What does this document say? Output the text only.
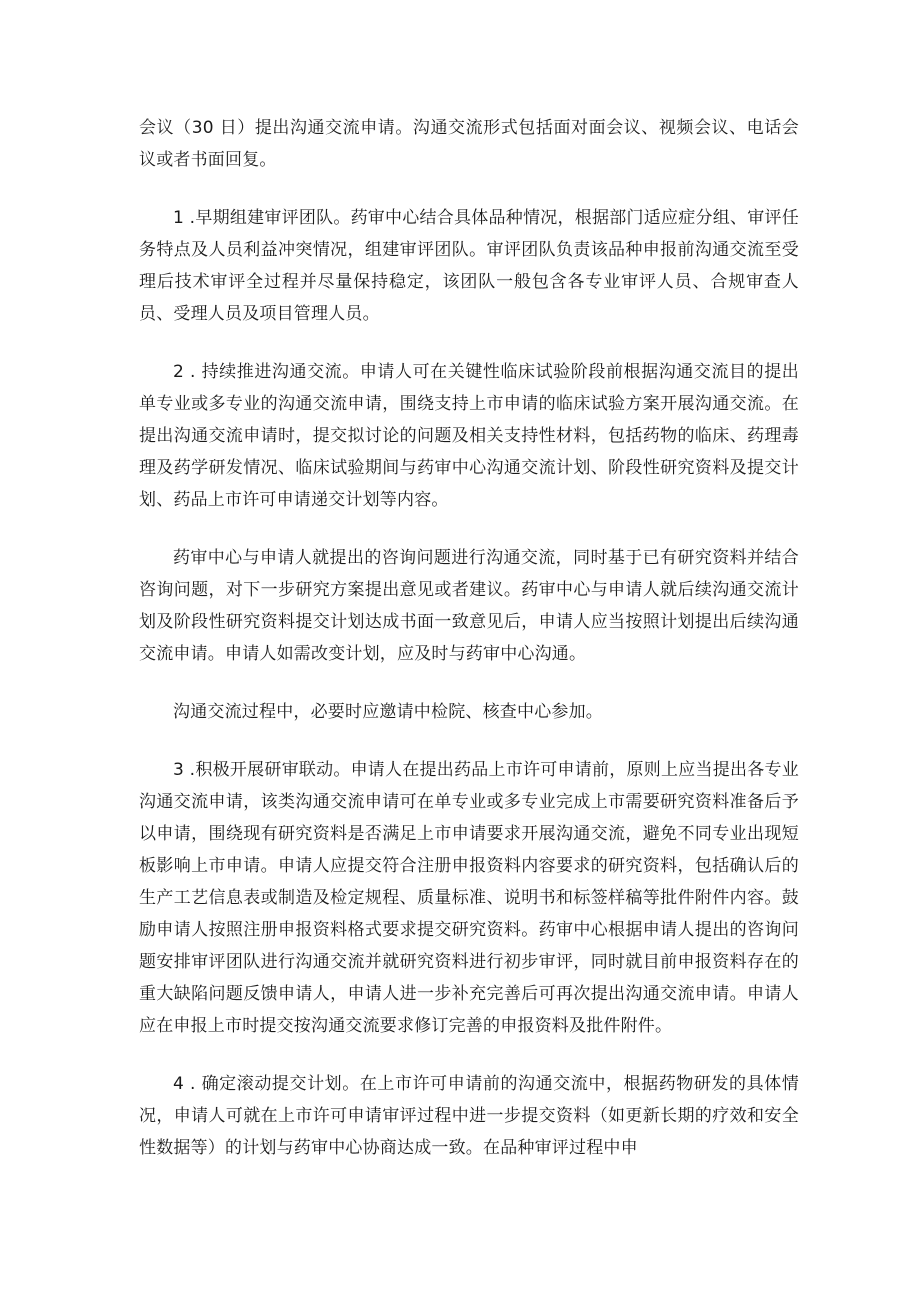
会议（30 日）提出沟通交流申请。沟通交流形式包括面对面会议、视频会议、电话会议或者书面回复。

1 .早期组建审评团队。药审中心结合具体品种情况，根据部门适应症分组、审评任务特点及人员利益冲突情况，组建审评团队。审评团队负责该品种申报前沟通交流至受理后技术审评全过程并尽量保持稳定，该团队一般包含各专业审评人员、合规审查人员、受理人员及项目管理人员。

2 . 持续推进沟通交流。申请人可在关键性临床试验阶段前根据沟通交流目的提出单专业或多专业的沟通交流申请，围绕支持上市申请的临床试验方案开展沟通交流。在提出沟通交流申请时，提交拟讨论的问题及相关支持性材料，包括药物的临床、药理毒理及药学研发情况、临床试验期间与药审中心沟通交流计划、阶段性研究资料及提交计划、药品上市许可申请递交计划等内容。

药审中心与申请人就提出的咨询问题进行沟通交流，同时基于已有研究资料并结合咨询问题，对下一步研究方案提出意见或者建议。药审中心与申请人就后续沟通交流计划及阶段性研究资料提交计划达成书面一致意见后，申请人应当按照计划提出后续沟通交流申请。申请人如需改变计划，应及时与药审中心沟通。

沟通交流过程中，必要时应邀请中检院、核查中心参加。

3 .积极开展研审联动。申请人在提出药品上市许可申请前，原则上应当提出各专业沟通交流申请，该类沟通交流申请可在单专业或多专业完成上市需要研究资料准备后予以申请，围绕现有研究资料是否满足上市申请要求开展沟通交流，避免不同专业出现短板影响上市申请。申请人应提交符合注册申报资料内容要求的研究资料，包括确认后的生产工艺信息表或制造及检定规程、质量标准、说明书和标签样稿等批件附件内容。鼓励申请人按照注册申报资料格式要求提交研究资料。药审中心根据申请人提出的咨询问题安排审评团队进行沟通交流并就研究资料进行初步审评，同时就目前申报资料存在的重大缺陷问题反馈申请人，申请人进一步补充完善后可再次提出沟通交流申请。申请人应在申报上市时提交按沟通交流要求修订完善的申报资料及批件附件。

4 . 确定滚动提交计划。在上市许可申请前的沟通交流中，根据药物研发的具体情况，申请人可就在上市许可申请审评过程中进一步提交资料（如更新长期的疗效和安全性数据等）的计划与药审中心协商达成一致。在品种审评过程中申
